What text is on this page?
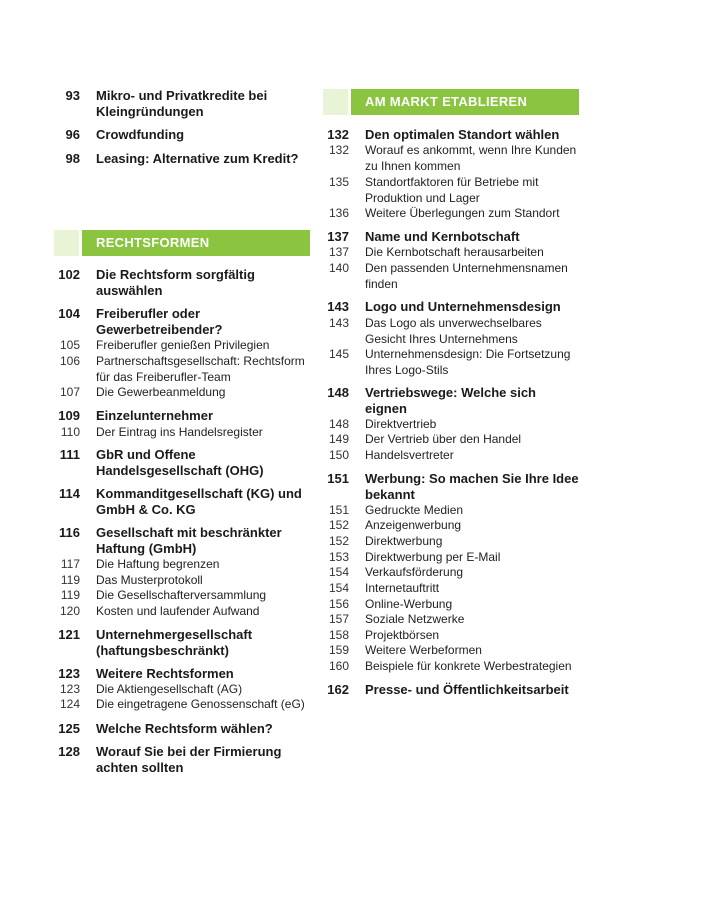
93 Mikro- und Privatkredite bei Kleingründungen
96 Crowdfunding
98 Leasing: Alternative zum Kredit?
RECHTSFORMEN
102 Die Rechtsform sorgfältig auswählen
104 Freiberufler oder Gewerbetreibender?
105 Freiberufler genießen Privilegien
106 Partnerschaftsgesellschaft: Rechtsform für das Freiberufler-Team
107 Die Gewerbeanmeldung
109 Einzelunternehmer
110 Der Eintrag ins Handelsregister
111 GbR und Offene Handelsgesellschaft (OHG)
114 Kommanditgesellschaft (KG) und GmbH & Co. KG
116 Gesellschaft mit beschränkter Haftung (GmbH)
117 Die Haftung begrenzen
119 Das Musterprotokoll
119 Die Gesellschafterversammlung
120 Kosten und laufender Aufwand
121 Unternehmergesellschaft (haftungsbeschränkt)
123 Weitere Rechtsformen
123 Die Aktiengesellschaft (AG)
124 Die eingetragene Genossenschaft (eG)
125 Welche Rechtsform wählen?
128 Worauf Sie bei der Firmierung achten sollten
AM MARKT ETABLIEREN
132 Den optimalen Standort wählen
132 Worauf es ankommt, wenn Ihre Kunden zu Ihnen kommen
135 Standortfaktoren für Betriebe mit Produktion und Lager
136 Weitere Überlegungen zum Standort
137 Name und Kernbotschaft
137 Die Kernbotschaft herausarbeiten
140 Den passenden Unternehmensnamen finden
143 Logo und Unternehmensdesign
143 Das Logo als unverwechselbares Gesicht Ihres Unternehmens
145 Unternehmensdesign: Die Fortsetzung Ihres Logo-Stils
148 Vertriebswege: Welche sich eignen
148 Direktvertrieb
149 Der Vertrieb über den Handel
150 Handelsvertreter
151 Werbung: So machen Sie Ihre Idee bekannt
151 Gedruckte Medien
152 Anzeigenwerbung
152 Direktwerbung
153 Direktwerbung per E-Mail
154 Verkaufsförderung
154 Internetauftritt
156 Online-Werbung
157 Soziale Netzwerke
158 Projektbörsen
159 Weitere Werbeformen
160 Beispiele für konkrete Werbestrategien
162 Presse- und Öffentlichkeitsarbeit
